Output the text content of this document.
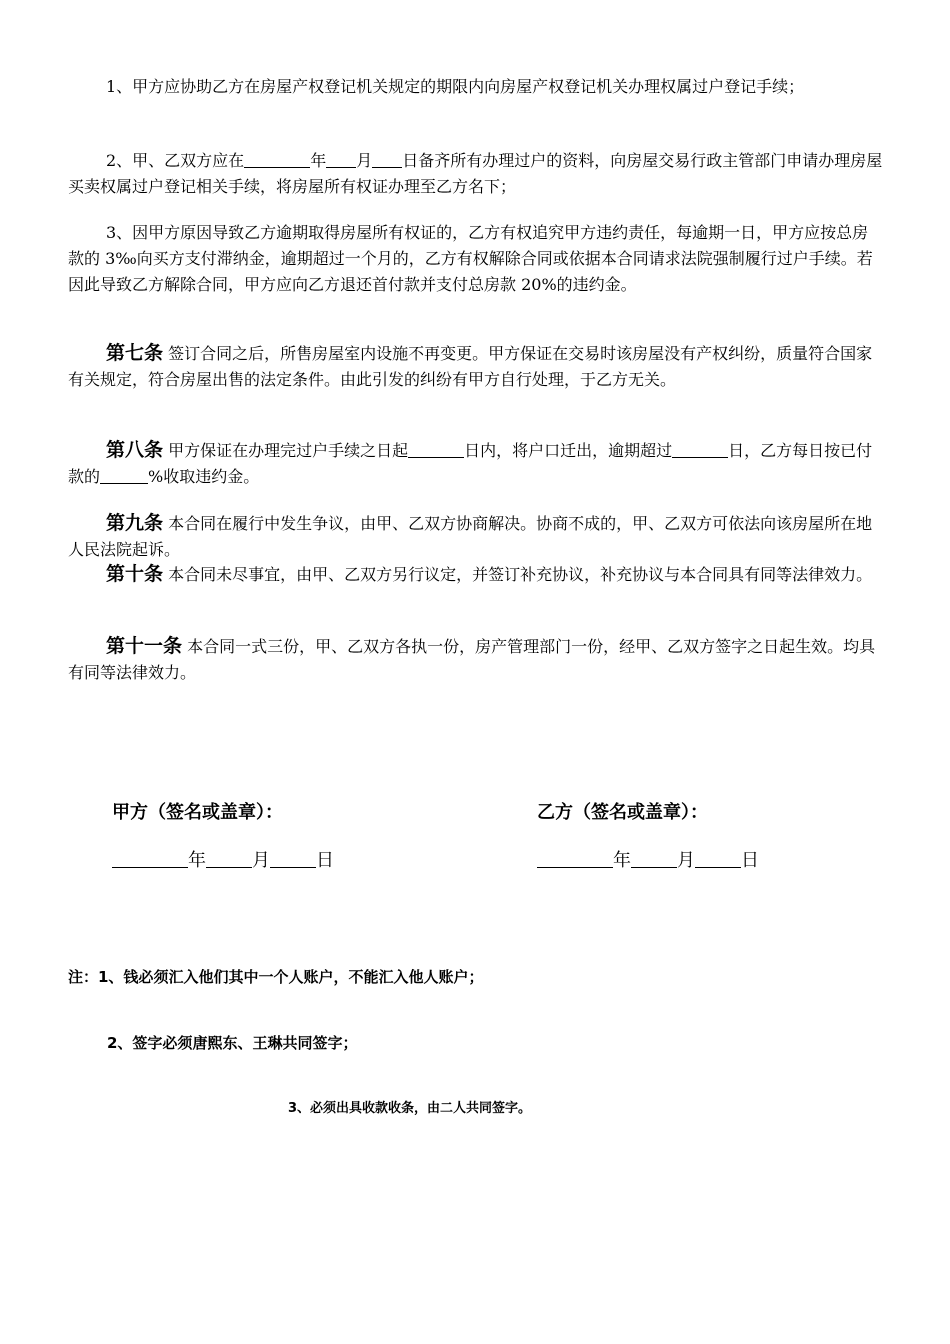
1、甲方应协助乙方在房屋产权登记机关规定的期限内向房屋产权登记机关办理权属过户登记手续；
2、甲、乙双方应在	年 月 日备齐所有办理过户的资料，向房屋交易行政主管部门申请办理房屋买卖权属过户登记相关手续，将房屋所有权证办理至乙方名下；
3、因甲方原因导致乙方逾期取得房屋所有权证的，乙方有权追究甲方违约责任，每逾期一日，甲方应按总房款的 3‰向买方支付滞纳金，逾期超过一个月的，乙方有权解除合同或依据本合同请求法院强制履行过户手续。若因此导致乙方解除合同，甲方应向乙方退还首付款并支付总房款 20%的违约金。
第七条 签订合同之后，所售房屋室内设施不再变更。甲方保证在交易时该房屋没有产权纠纷，质量符合国家有关规定，符合房屋出售的法定条件。由此引发的纠纷有甲方自行处理，于乙方无关。
第八条 甲方保证在办理完过户手续之日起	日内，将户口迁出，逾期超过	日，乙方每日按已付款的	%收取违约金。
第九条 本合同在履行中发生争议，由甲、乙双方协商解决。协商不成的，甲、乙双方可依法向该房屋所在地人民法院起诉。
第十条 本合同未尽事宜，由甲、乙双方另行议定，并签订补充协议，补充协议与本合同具有同等法律效力。
第十一条 本合同一式三份，甲、乙双方各执一份，房产管理部门一份，经甲、乙双方签字之日起生效。均具有同等法律效力。
甲方（签名或盖章）：	乙方（签名或盖章）：
年	月	日	年	月	日
注：1、钱必须汇入他们其中一个人账户，不能汇入他人账户；
2、签字必须唐熙东、王琳共同签字；
3、必须出具收款收条，由二人共同签字。
